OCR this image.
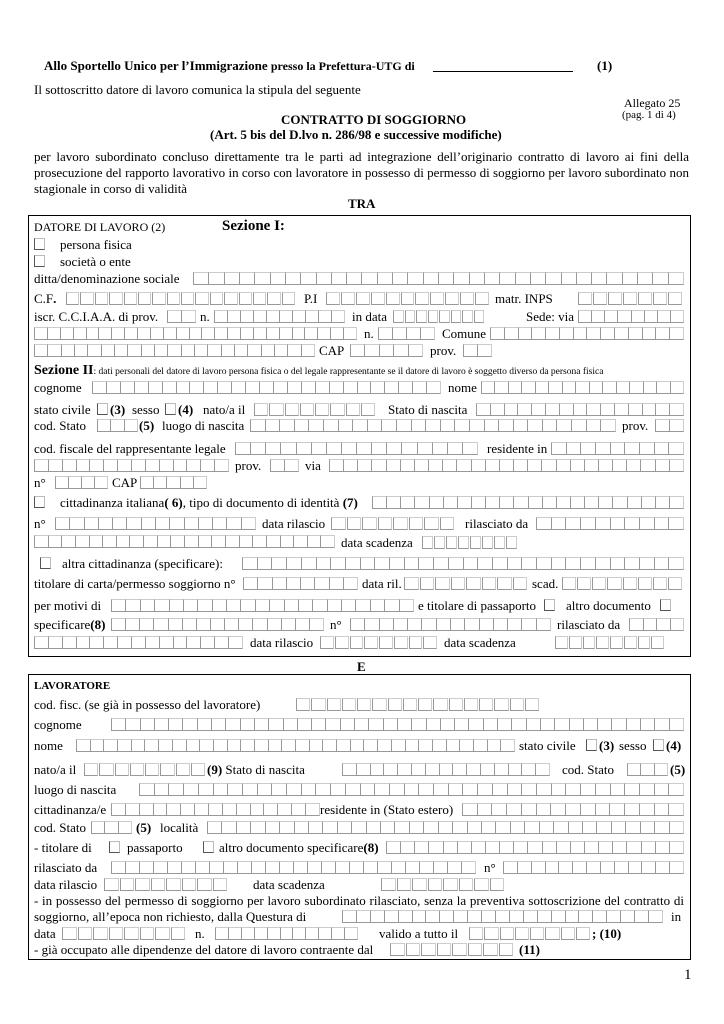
Allo Sportello Unico per l’Immigrazione presso la Prefettura-UTG di	(1)
Il sottoscritto datore di lavoro comunica la stipula del seguente
Allegato 25
(pag. 1 di 4)
CONTRATTO DI SOGGIORNO
(Art. 5 bis del D.lvo n. 286/98 e successive modifiche)
per lavoro subordinato concluso direttamente tra le parti ad integrazione dell’originario contratto di lavoro ai fini della prosecuzione del rapporto lavorativo in corso con lavoratore in possesso di permesso di soggiorno per lavoro subordinato non stagionale in corso di validità
TRA
DATORE DI LAVORO (2)	Sezione I:
persona fisica
società o ente
ditta/denominazione sociale
C.F.	P.I	matr. INPS
iscr. C.C.I.A.A. di prov.	n.	in data	Sede: via
n.	Comune
CAP	prov.
Sezione II: dati personali del datore di lavoro persona fisica o del legale rappresentante se il datore di lavoro è soggetto diverso da persona fisica
cognome	nome
stato civile (3) sesso (4) nato/a il	Stato di nascita
cod. Stato	(5) luogo di nascita	prov.
cod. fiscale del rappresentante legale	residente in
prov.	via
n°	CAP
cittadinanza italiana( 6), tipo di documento di identità (7)
n°	data rilascio	rilasciato da
data scadenza
altra cittadinanza (specificare):
titolare di carta/permesso soggiorno n°	data ril.	scad.
per motivi di	e titolare di passaporto altro documento
specificare(8)	n°	rilasciato da
data rilascio	data scadenza
E
LAVORATORE
cod. fisc. (se già in possesso del lavoratore)
cognome
nome	stato civile (3) sesso (4)
nato/a il	(9) Stato di nascita	cod. Stato	(5)
luogo di nascita
cittadinanza/e	residente in (Stato estero)
cod. Stato	(5) località
- titolare di	passaporto	altro documento specificare(8)
rilasciato da	n°
data rilascio	data scadenza
- in possesso del permesso di soggiorno per lavoro subordinato rilasciato, senza la preventiva sottoscrizione del contratto di soggiorno, all’epoca non richiesto, dalla Questura di	in
data	n.	valido a tutto il	; (10)
- già occupato alle dipendenze del datore di lavoro contraente dal	(11)
1
